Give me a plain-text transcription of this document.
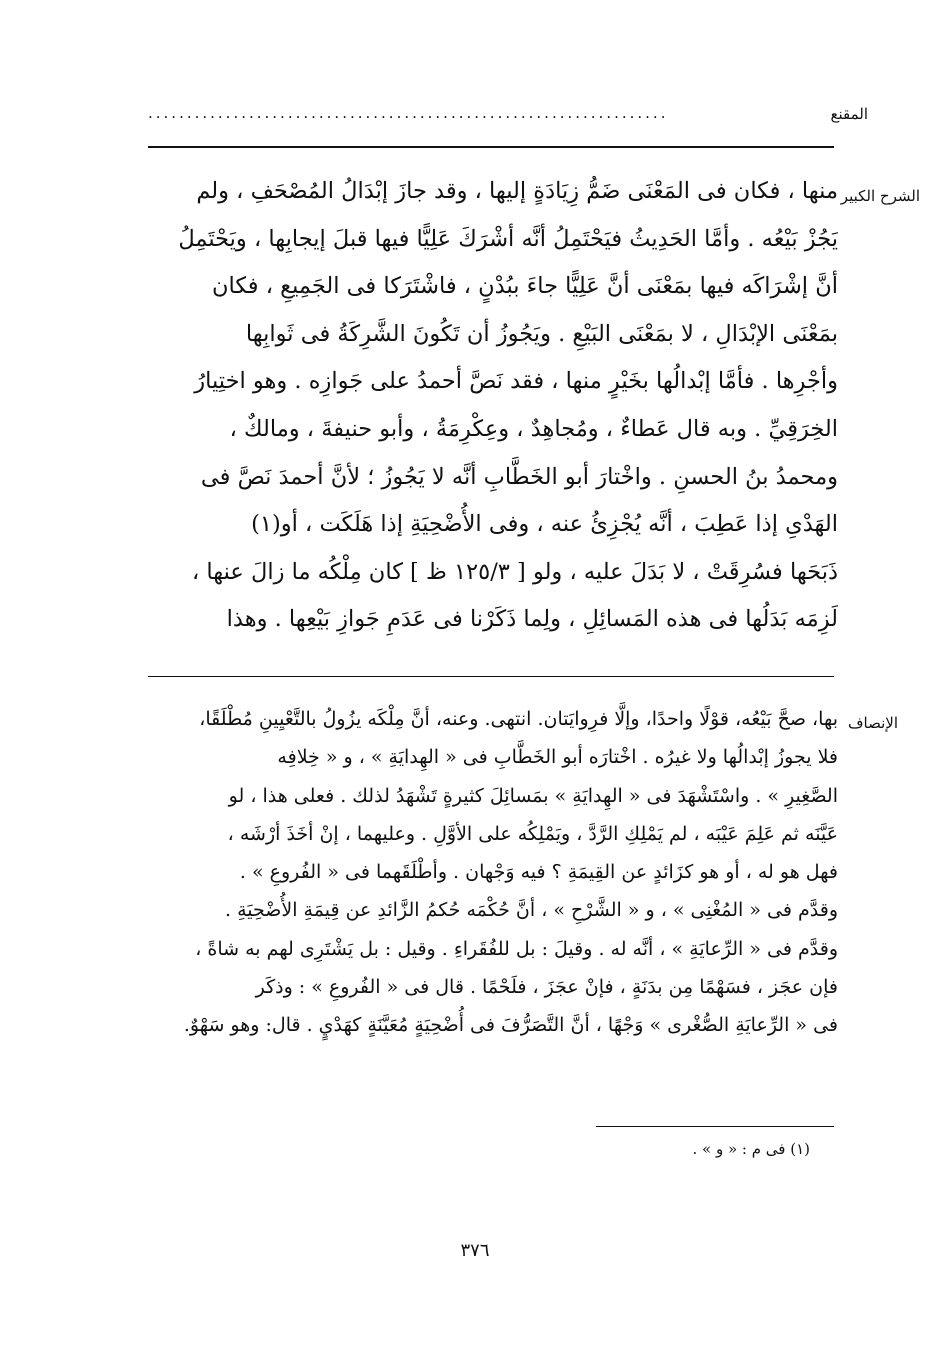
المقنع
...................................................................
الشرح الكبير
منها ، فكان فى المَعْنَى ضَمُّ زِيَادَةٍ إليها ، وقد جازَ إبْدَالُ المُصْحَفِ ، ولم
يَجُزْ بَيْعُه . وأمَّا الحَدِيثُ فيَحْتَمِلُ أنَّه أشْرَكَ عَلِيًّا فيها قبلَ إيجابِها ، ويَحْتَمِلُ
أنَّ إشْرَاكَه فيها بمَعْنَى أنَّ عَلِيًّا جاءَ ببُدْنٍ ، فاشْتَرَكا فى الجَمِيعِ ، فكان
بمَعْنَى الإبْدَالِ ، لا بمَعْنَى البَيْعِ . ويَجُوزُ أن تَكُونَ الشَّرِكَةُ فى ثَوابِها
وأجْرِها . فأمَّا إبْدالُها بخَيْرٍ منها ، فقد نَصَّ أحمدُ على جَوازِه . وهو اختِيارُ
الخِرَقِيِّ . وبه قال عَطاءٌ ، ومُجاهِدٌ ، وعِكْرِمَةُ ، وأبو حنيفةَ ، ومالكٌ ،
ومحمدُ بنُ الحسنِ . واخْتارَ أبو الخَطَّابِ أنَّه لا يَجُوزُ ؛ لأنَّ أحمدَ نَصَّ فى
الهَدْىِ إذا عَطِبَ ، أنَّه يُجْزِئُ عنه ، وفى الأُضْحِيَةِ إذا هَلَكَت ، أو(١)
ذَبَحَها فسُرِقَتْ ، لا بَدَلَ عليه ، ولو [ ١٢٥/٣ ظ ] كان مِلْكُه ما زالَ عنها ،
لَزِمَه بَدَلُها فى هذه المَسائِلِ ، ولِما ذَكَرْنا فى عَدَمِ جَوازِ بَيْعِها . وهذا
الإنصاف
بها، صحَّ بَيْعُه، قوْلًا واحدًا، وإلَّا فرِوايَتان. انتهى. وعنه، أنَّ مِلْكَه يزُولُ بالتَّعْيِينِ مُطْلَقًا،
فلا يجوزُ إبْدالُها ولا غيرُه . اخْتارَه أبو الخَطَّابِ فى « الهِدايَةِ » ، و « خِلافِه
الصَّغِيرِ » . واسْتَشْهَدَ فى « الهِدايَةِ » بمَسائِلَ كثيرةٍ تَشْهَدُ لذلك . فعلى هذا ، لو
عَيَّنَه ثم عَلِمَ عَيْبَه ، لم يَمْلِكِ الرَّدَّ ، ويَمْلِكُه على الأوَّلِ . وعليهما ، إنْ أخَذَ أرْشَه ،
فهل هو له ، أو هو كزَائدٍ عن القِيمَةِ ؟ فيه وَجْهان . وأطْلَقَهما فى « الفُروعِ » .
وقدَّم فى « المُغْنِى » ، و « الشَّرْحِ » ، أنَّ حُكْمَه حُكمُ الزَّائدِ عن قِيمَةِ الأُضْحِيَةِ .
وقدَّم فى « الرِّعايَةِ » ، أنَّه له . وقيلَ : بل للفُقَراءِ . وقيل : بل يَشْتَرِى لهم به شاةً ،
فإن عجَز ، فسَهْمًا مِن بدَنَةٍ ، فإنْ عجَزَ ، فلَحْمًا . قال فى « الفُروعِ » : وذكَر
فى « الرِّعايَةِ الصُّغْرى » وَجْهًا ، أنَّ التَّصَرُّفَ فى أُضْحِيَةٍ مُعَيَّنَةٍ كهَدْيٍ . قال: وهو سَهْوٌ.
(١) فى م : « و » .
٣٧٦
